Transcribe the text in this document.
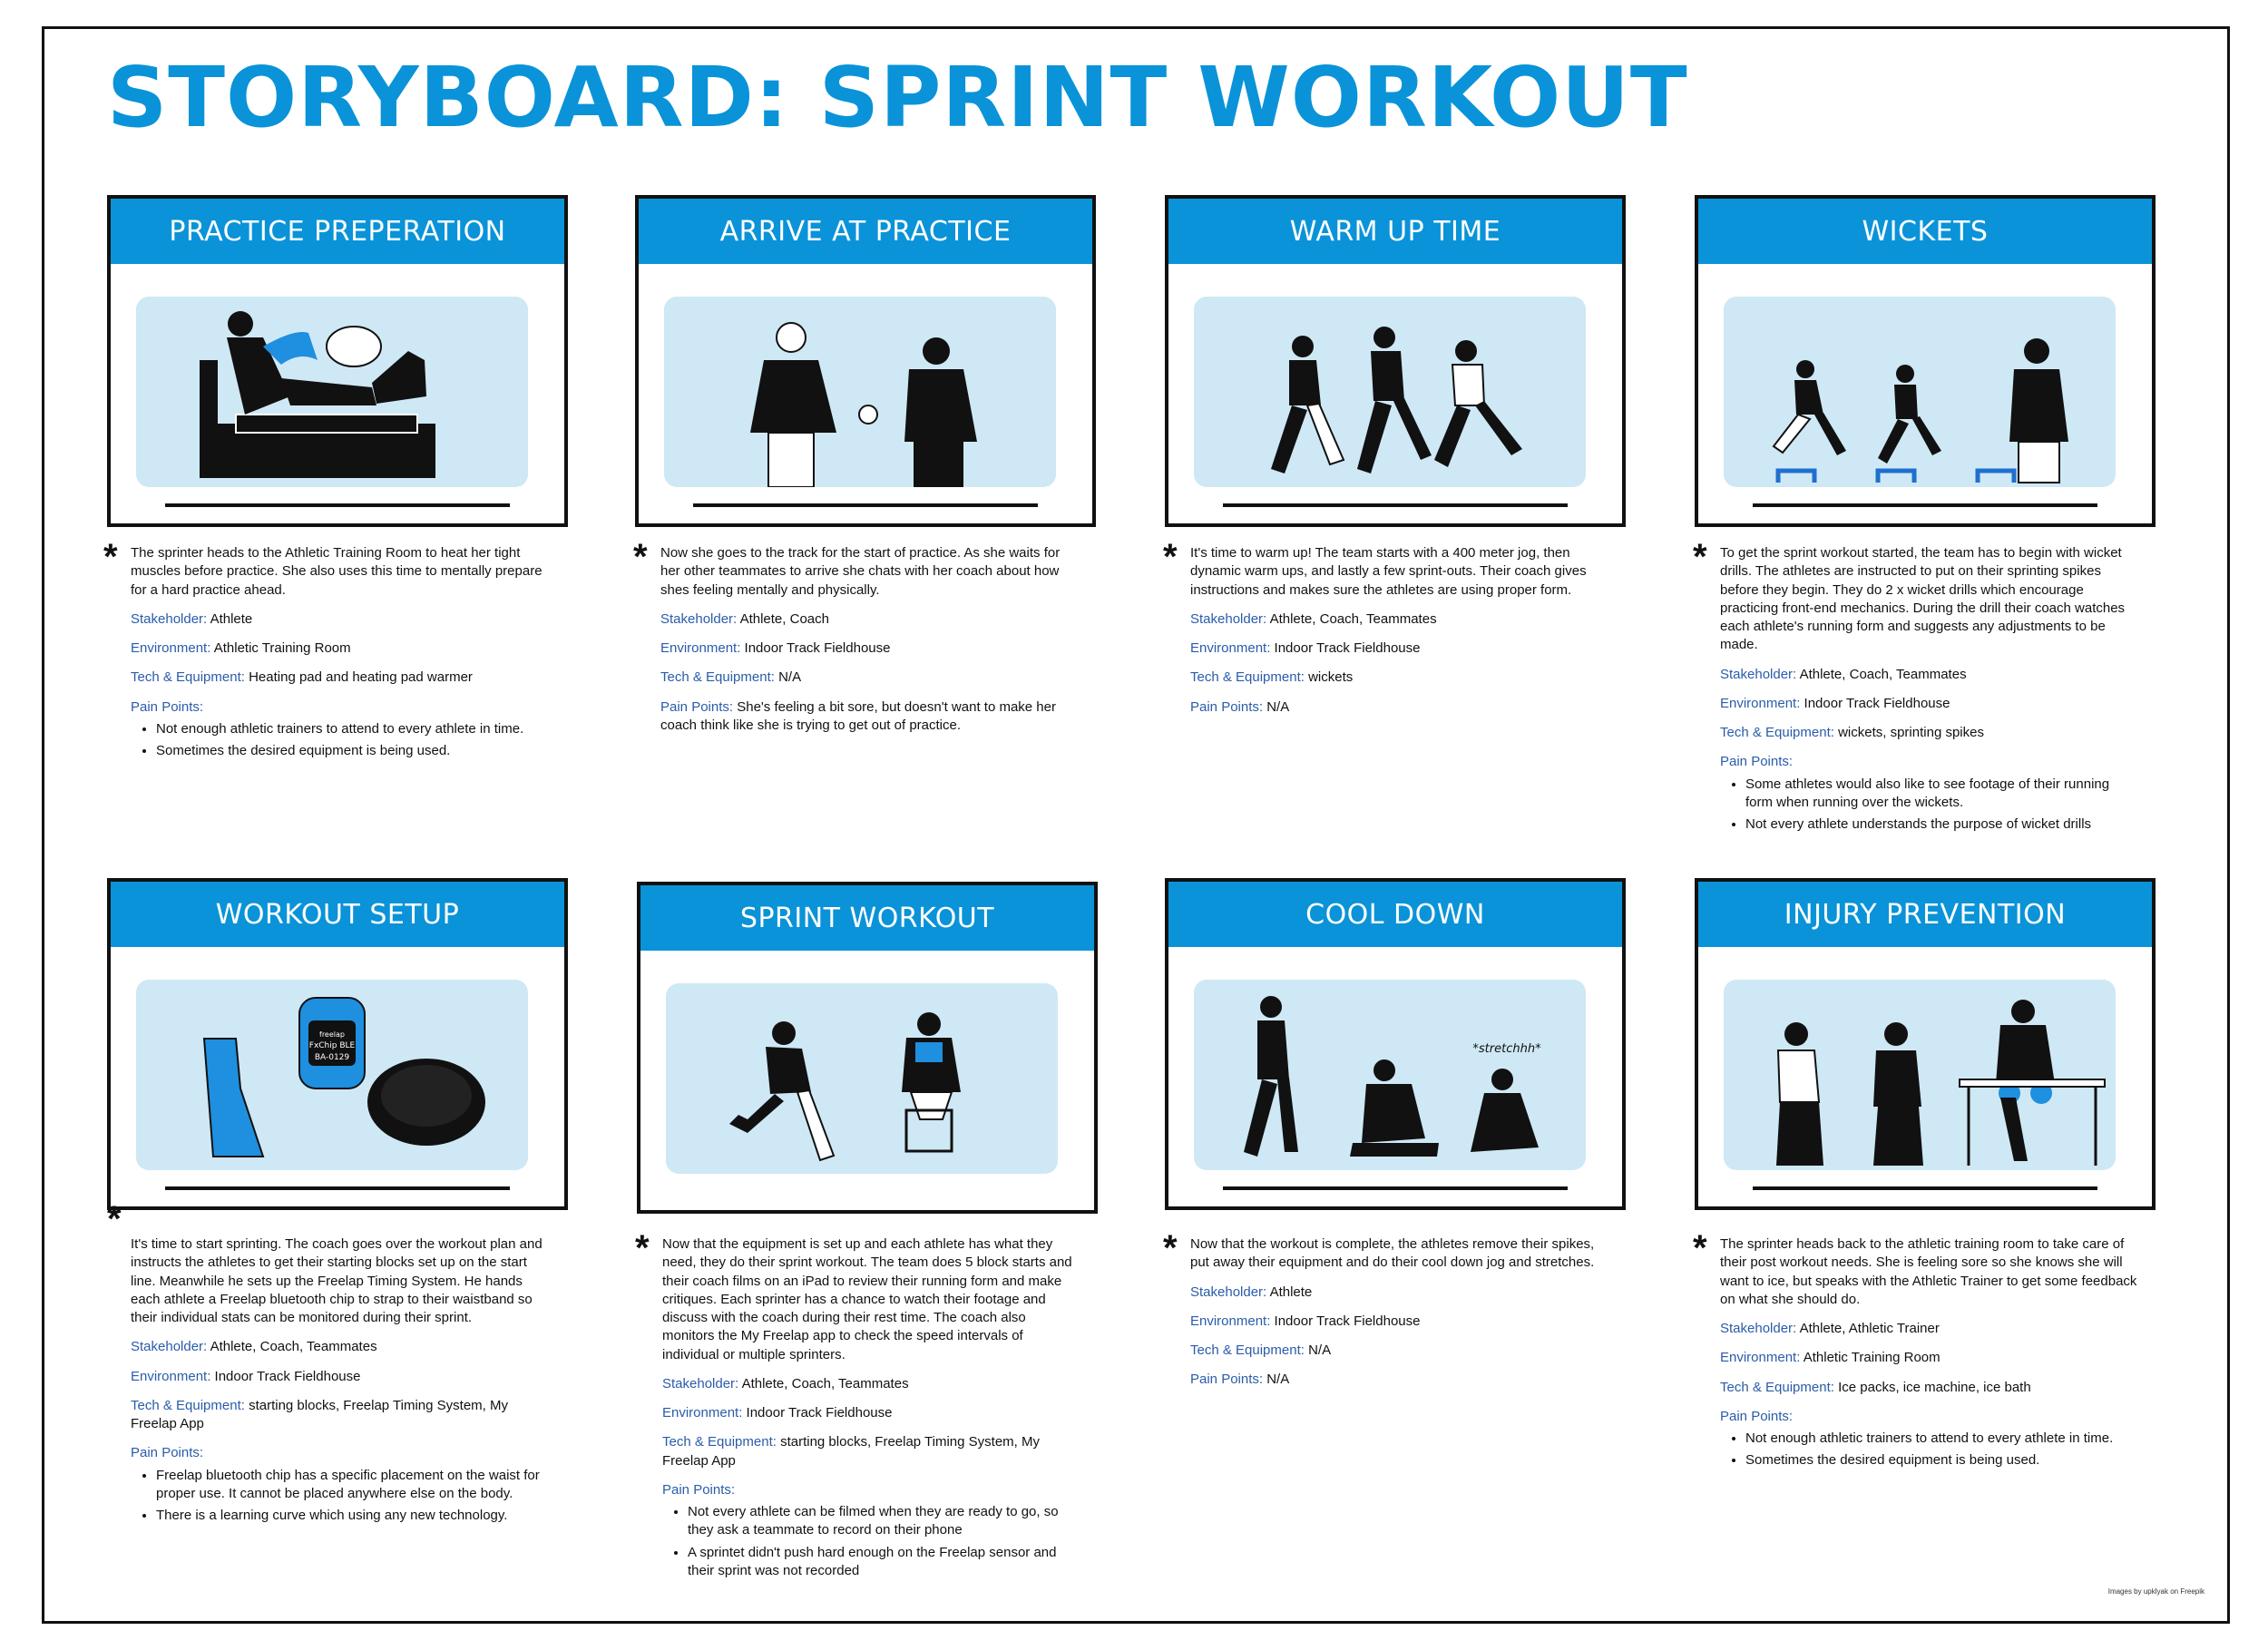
STORYBOARD: SPRINT WORKOUT
PRACTICE PREPERATION
* The sprinter heads to the Athletic Training Room to heat her tight muscles before practice. She also uses this time to mentally prepare for a hard practice ahead.

Stakeholder: Athlete

Environment: Athletic Training Room

Tech & Equipment: Heating pad and heating pad warmer

Pain Points:

• Not enough athletic trainers to attend to every athlete in time.
• Sometimes the desired equipment is being used.
ARRIVE AT PRACTICE
* Now she goes to the track for the start of practice. As she waits for her other teammates to arrive she chats with her coach about how shes feeling mentally and physically.

Stakeholder: Athlete, Coach

Environment: Indoor Track Fieldhouse

Tech & Equipment: N/A

Pain Points: She's feeling a bit sore, but doesn't want to make her coach think like she is trying to get out of practice.

WARM UP TIME
* It's time to warm up! The team starts with a 400 meter jog, then dynamic warm ups, and lastly a few sprint-outs. Their coach gives instructions and makes sure the athletes are using proper form.

Stakeholder: Athlete, Coach, Teammates

Environment: Indoor Track Fieldhouse

Tech & Equipment: wickets

Pain Points: N/A

WICKETS
* To get the sprint workout started, the team has to begin with wicket drills. The athletes are instructed to put on their sprinting spikes before they begin. They do 2 x wicket drills which encourage practicing front-end mechanics. During the drill their coach watches each athlete's running form and suggests any adjustments to be made.

Stakeholder: Athlete, Coach, Teammates

Environment: Indoor Track Fieldhouse

Tech & Equipment: wickets, sprinting spikes

Pain Points:

• Some athletes would also like to see footage of their running form when running over the wickets.
• Not every athlete understands the purpose of wicket drills
WORKOUT SETUP
freelap
FxChip BLE
BA-0129
*

It's time to start sprinting. The coach goes over the workout plan and instructs the athletes to get their starting blocks set up on the start line. Meanwhile he sets up the Freelap Timing System. He hands each athlete a Freelap bluetooth chip to strap to their waistband so their individual stats can be monitored during their sprint.

Stakeholder: Athlete, Coach, Teammates

Environment: Indoor Track Fieldhouse

Tech & Equipment: starting blocks, Freelap Timing System, My Freelap App

Pain Points:

• Freelap bluetooth chip has a specific placement on the waist for proper use. It cannot be placed anywhere else on the body.
• There is a learning curve which using any new technology.
SPRINT WORKOUT
* Now that the equipment is set up and each athlete has what they need, they do their sprint workout. The team does 5 block starts and their coach films on an iPad to review their running form and make critiques. Each sprinter has a chance to watch their footage and discuss with the coach during their rest time. The coach also monitors the My Freelap app to check the speed intervals of individual or multiple sprinters.

Stakeholder: Athlete, Coach, Teammates

Environment: Indoor Track Fieldhouse

Tech & Equipment: starting blocks, Freelap Timing System, My Freelap App

Pain Points:

• Not every athlete can be filmed when they are ready to go, so they ask a teammate to record on their phone
• A sprintet didn't push hard enough on the Freelap sensor and their sprint was not recorded
COOL DOWN
*stretchhh*
* Now that the workout is complete, the athletes remove their spikes, put away their equipment and do their cool down jog and stretches.

Stakeholder: Athlete

Environment: Indoor Track Fieldhouse

Tech & Equipment: N/A

Pain Points: N/A

INJURY PREVENTION
* The sprinter heads back to the athletic training room to take care of their post workout needs. She is feeling sore so she knows she will want to ice, but speaks with the Athletic Trainer to get some feedback on what she should do.

Stakeholder: Athlete, Athletic Trainer

Environment: Athletic Training Room

Tech & Equipment: Ice packs, ice machine, ice bath

Pain Points:

• Not enough athletic trainers to attend to every athlete in time.
• Sometimes the desired equipment is being used.
Images by upklyak on Freepik
